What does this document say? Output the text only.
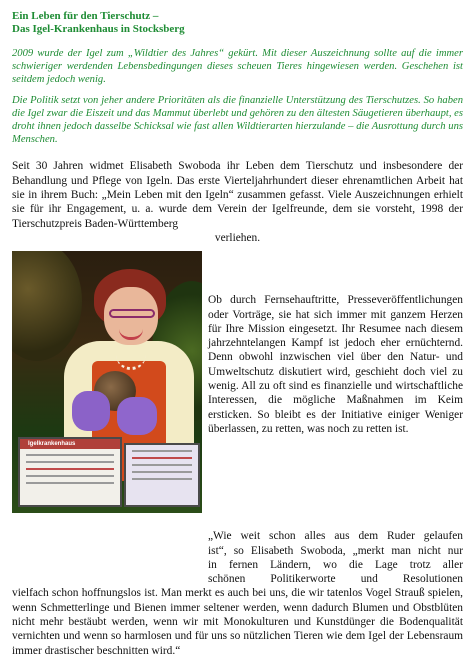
Ein Leben für den Tierschutz –
Das Igel-Krankenhaus in Stocksberg

2009 wurde der Igel zum „Wildtier des Jahres“ gekürt. Mit dieser Auszeichnung sollte auf die immer schwieriger werdenden Lebensbedingungen dieses scheuen Tieres hingewiesen werden. Geschehen ist seitdem jedoch wenig.

Die Politik setzt von jeher andere Prioritäten als die finanzielle Unterstützung des Tierschutzes. So haben die Igel zwar die Eiszeit und das Mammut überlebt und gehören zu den ältesten Säugetieren überhaupt, es droht ihnen jedoch dasselbe Schicksal wie fast allen Wildtierarten hierzulande – die Ausrottung durch uns Menschen.

Seit 30 Jahren widmet Elisabeth Swoboda ihr Leben dem Tierschutz und insbesondere der Behandlung und Pflege von Igeln. Das erste Vierteljahrhundert dieser ehrenamtlichen Arbeit hat sie in ihrem Buch: „Mein Leben mit den Igeln“ zusammen gefasst. Viele Auszeichnungen erhielt sie für ihr Engagement, u. a. wurde dem Verein der Igelfreunde, dem sie vorsteht, 1998 der Tierschutzpreis Baden-Württemberg

verliehen.

Igelkrankenhaus

Ob durch Fernsehauftritte, Presseveröffentlichungen oder Vorträge, sie hat sich immer mit ganzem Herzen für Ihre Mission eingesetzt. Ihr Resumee nach diesem jahrzehntelangen Kampf ist jedoch eher ernüchternd. Denn obwohl inzwischen viel über den Natur- und Umweltschutz diskutiert wird, geschieht doch viel zu wenig. All zu oft sind es finanzielle und wirtschaftliche Interessen, die mögliche Maßnahmen im Keim ersticken. So bleibt es der Initiative einiger Weniger überlassen, zu retten, was noch zu retten ist.

„Wie weit schon alles aus dem Ruder gelaufen
ist“, so Elisabeth Swoboda, „merkt man nicht nur
in fernen Ländern, wo die Lage trotz aller
schönen Politikerworte und Resolutionen
vielfach schon hoffnungslos ist. Man merkt es auch bei uns, die wir tatenlos Vogel Strauß spielen, wenn Schmetterlinge und Bienen immer seltener werden, wenn dadurch Blumen und Obstblüten nicht mehr bestäubt werden, wenn wir mit Monokulturen und Kunstdünger die Bodenqualität vernichten und wenn so harmlosen und für uns so nützlichen Tieren wie dem Igel der Lebensraum immer drastischer beschnitten wird.“
